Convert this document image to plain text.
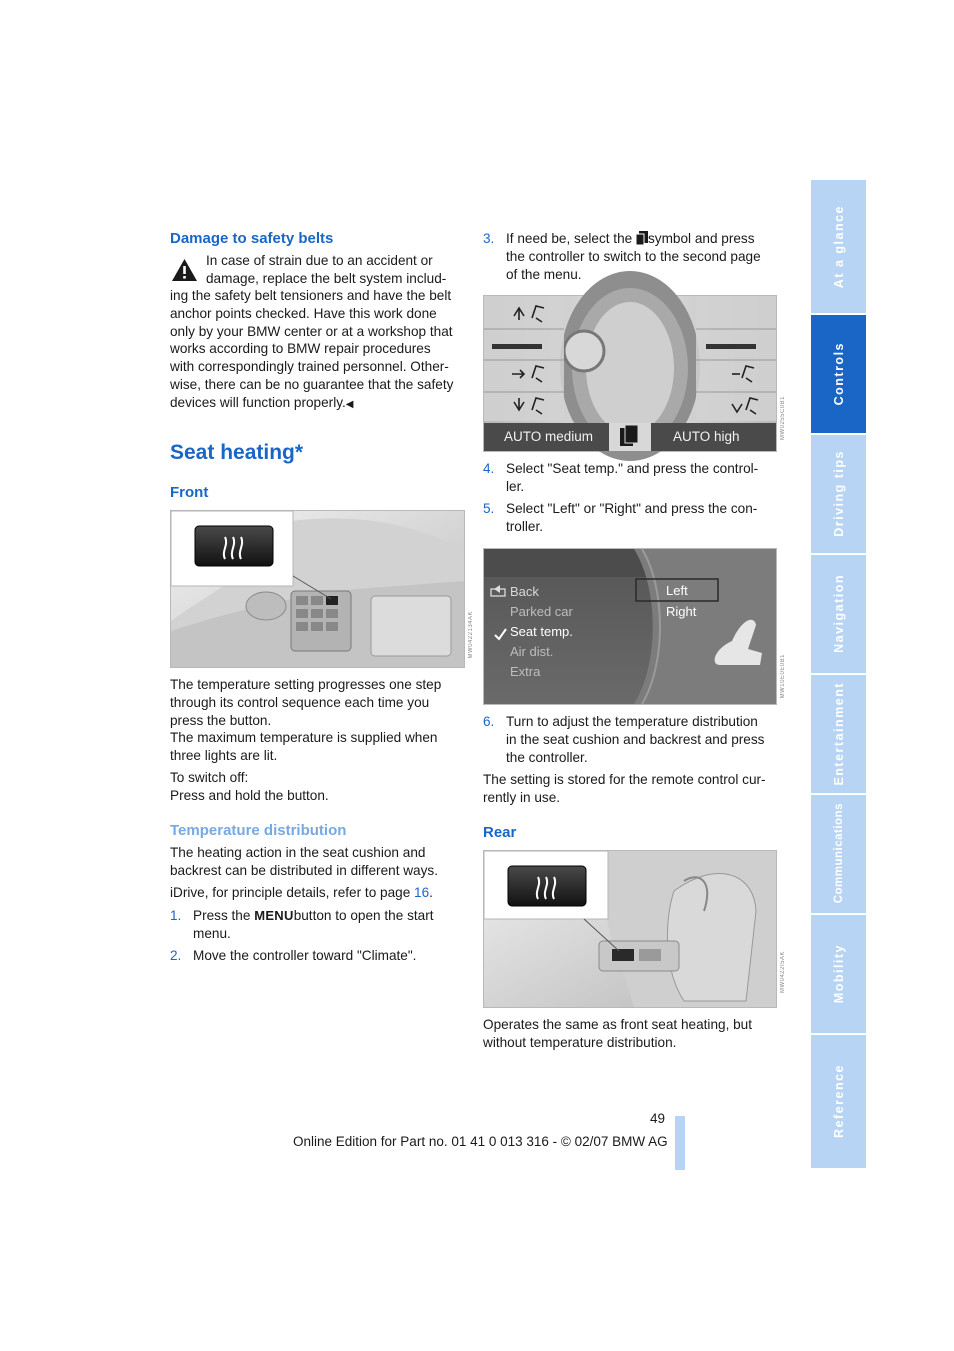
Damage to safety belts
In case of strain due to an accident or
damage, replace the belt system includ-

ing the safety belt tensioners and have the belt

anchor points checked. Have this work done

only by your BMW center or at a workshop that

works according to BMW repair procedures

with correspondingly trained personnel. Other-

wise, there can be no guarantee that the safety

devices will function properly.◀

Seat heating*
Front
MW0422134AK

The temperature setting progresses one step

through its control sequence each time you

press the button.

The maximum temperature is supplied when

three lights are lit.

To switch off:

Press and hold the button.

Temperature distribution

The heating action in the seat cushion and

backrest can be distributed in different ways.

iDrive, for principle details, refer to page 16.
1. Press the MENUbutton to open the start
menu.
2. Move the controller toward "Climate".
3. If need be, select the symbol and press
the controller to switch to the second page
of the menu.
AUTO medium	AUTO high	MW0255C0B1
4. Select "Seat temp." and press the control-
ler.
5. Select "Left" or "Right" and press the con-
troller.
Back
Parked car
Seat temp.
Air dist.
Extra
Left
Right
MW10E0E0B1
6. Turn to adjust the temperature distribution
in the seat cushion and backrest and press
the controller.

The setting is stored for the remote control cur-

rently in use.

Rear
MW0422I5AK

Operates the same as front seat heating, but

without temperature distribution.

49
Online Edition for Part no. 01 41 0 013 316 - © 02/07 BMW AG
At a glance
Controls
Driving tips
Navigation
Entertainment
Communications
Mobility
Reference
